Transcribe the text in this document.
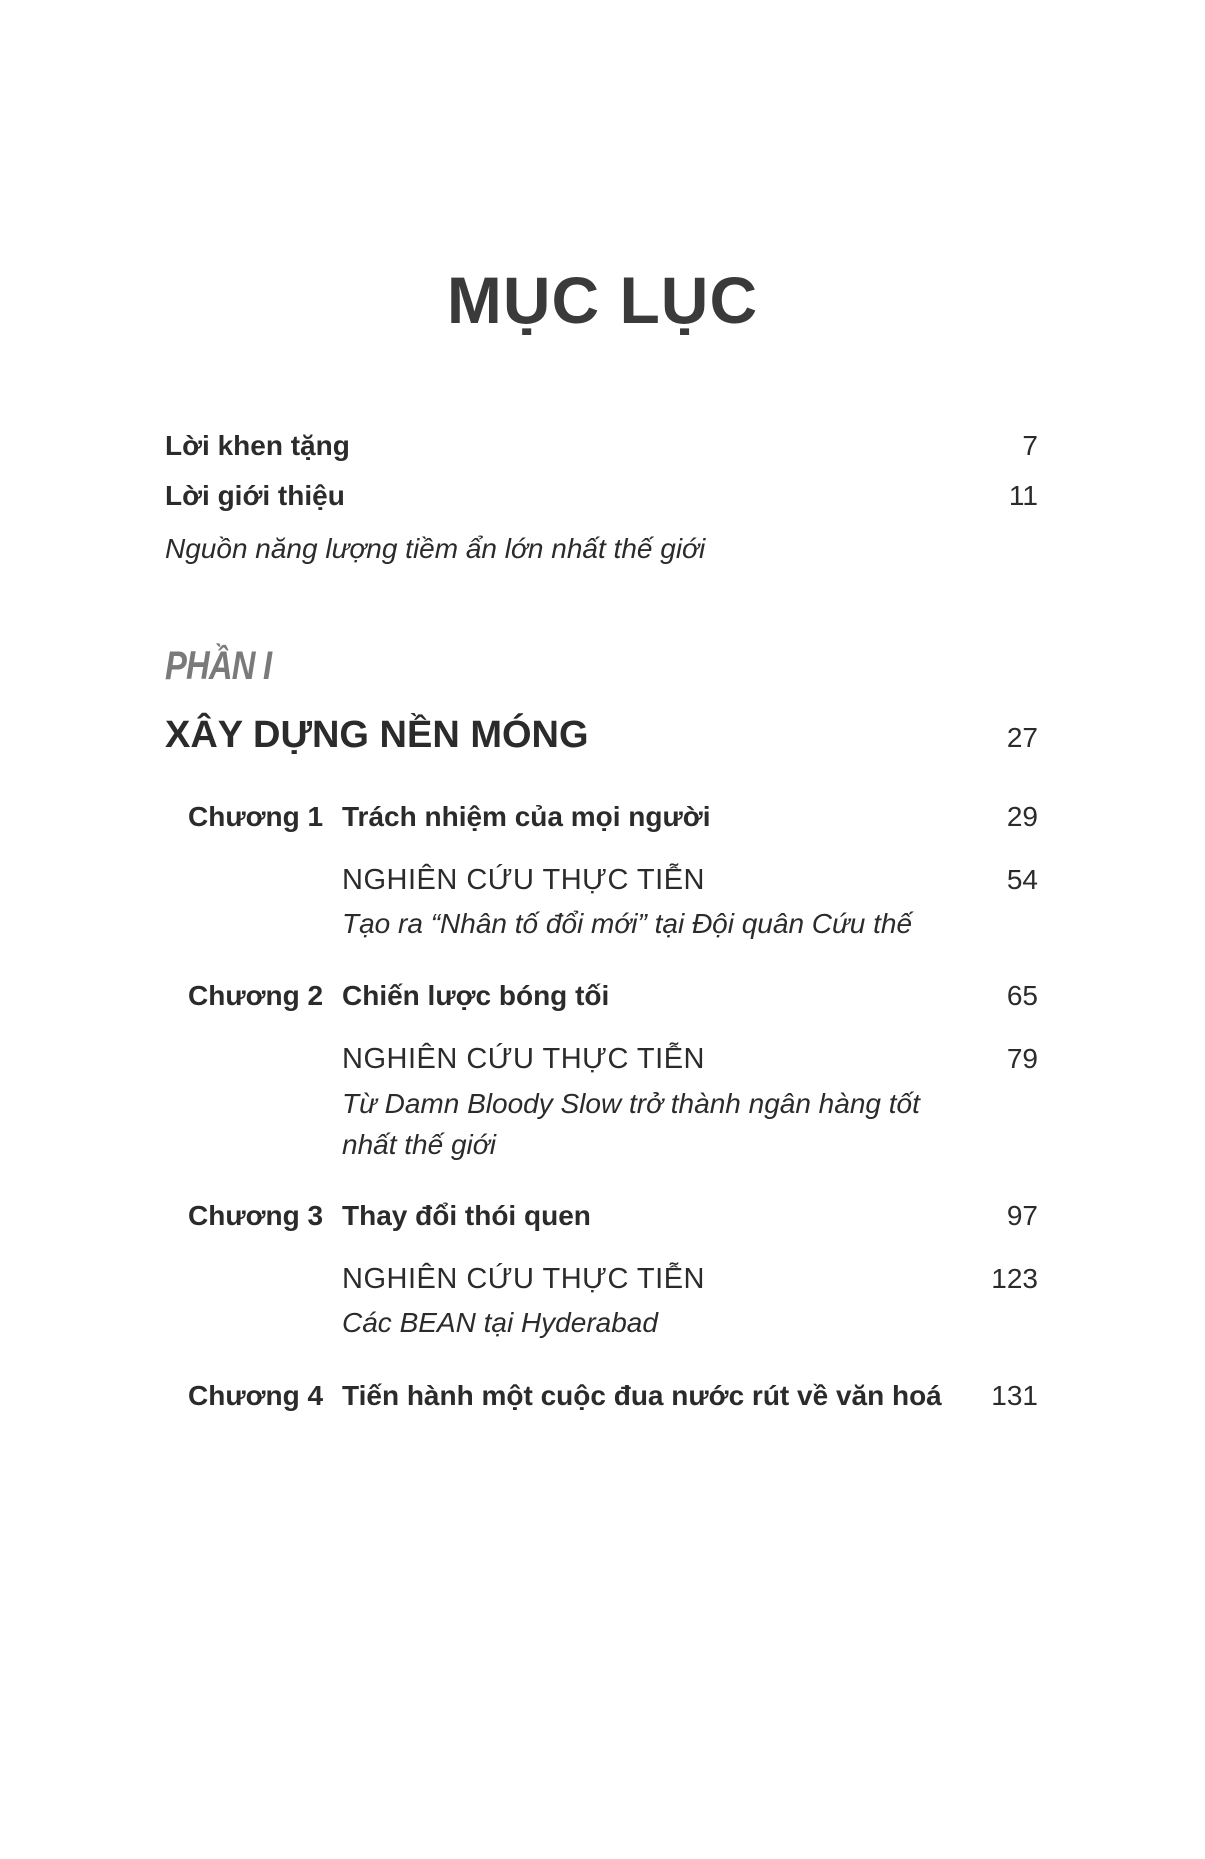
MỤC LỤC
Lời khen tặng	7
Lời giới thiệu	11
Nguồn năng lượng tiềm ẩn lớn nhất thế giới
PHẦN I
XÂY DỰNG NỀN MÓNG	27
Chương 1 Trách nhiệm của mọi người	29
NGHIÊN CỨU THỰC TIỄN	54
Tạo ra “Nhân tố đổi mới” tại Đội quân Cứu thế
Chương 2 Chiến lược bóng tối	65
NGHIÊN CỨU THỰC TIỄN	79
Từ Damn Bloody Slow trở thành ngân hàng tốt nhất thế giới
Chương 3 Thay đổi thói quen	97
NGHIÊN CỨU THỰC TIỄN	123
Các BEAN tại Hyderabad
Chương 4 Tiến hành một cuộc đua nước rút về văn hoá	131
